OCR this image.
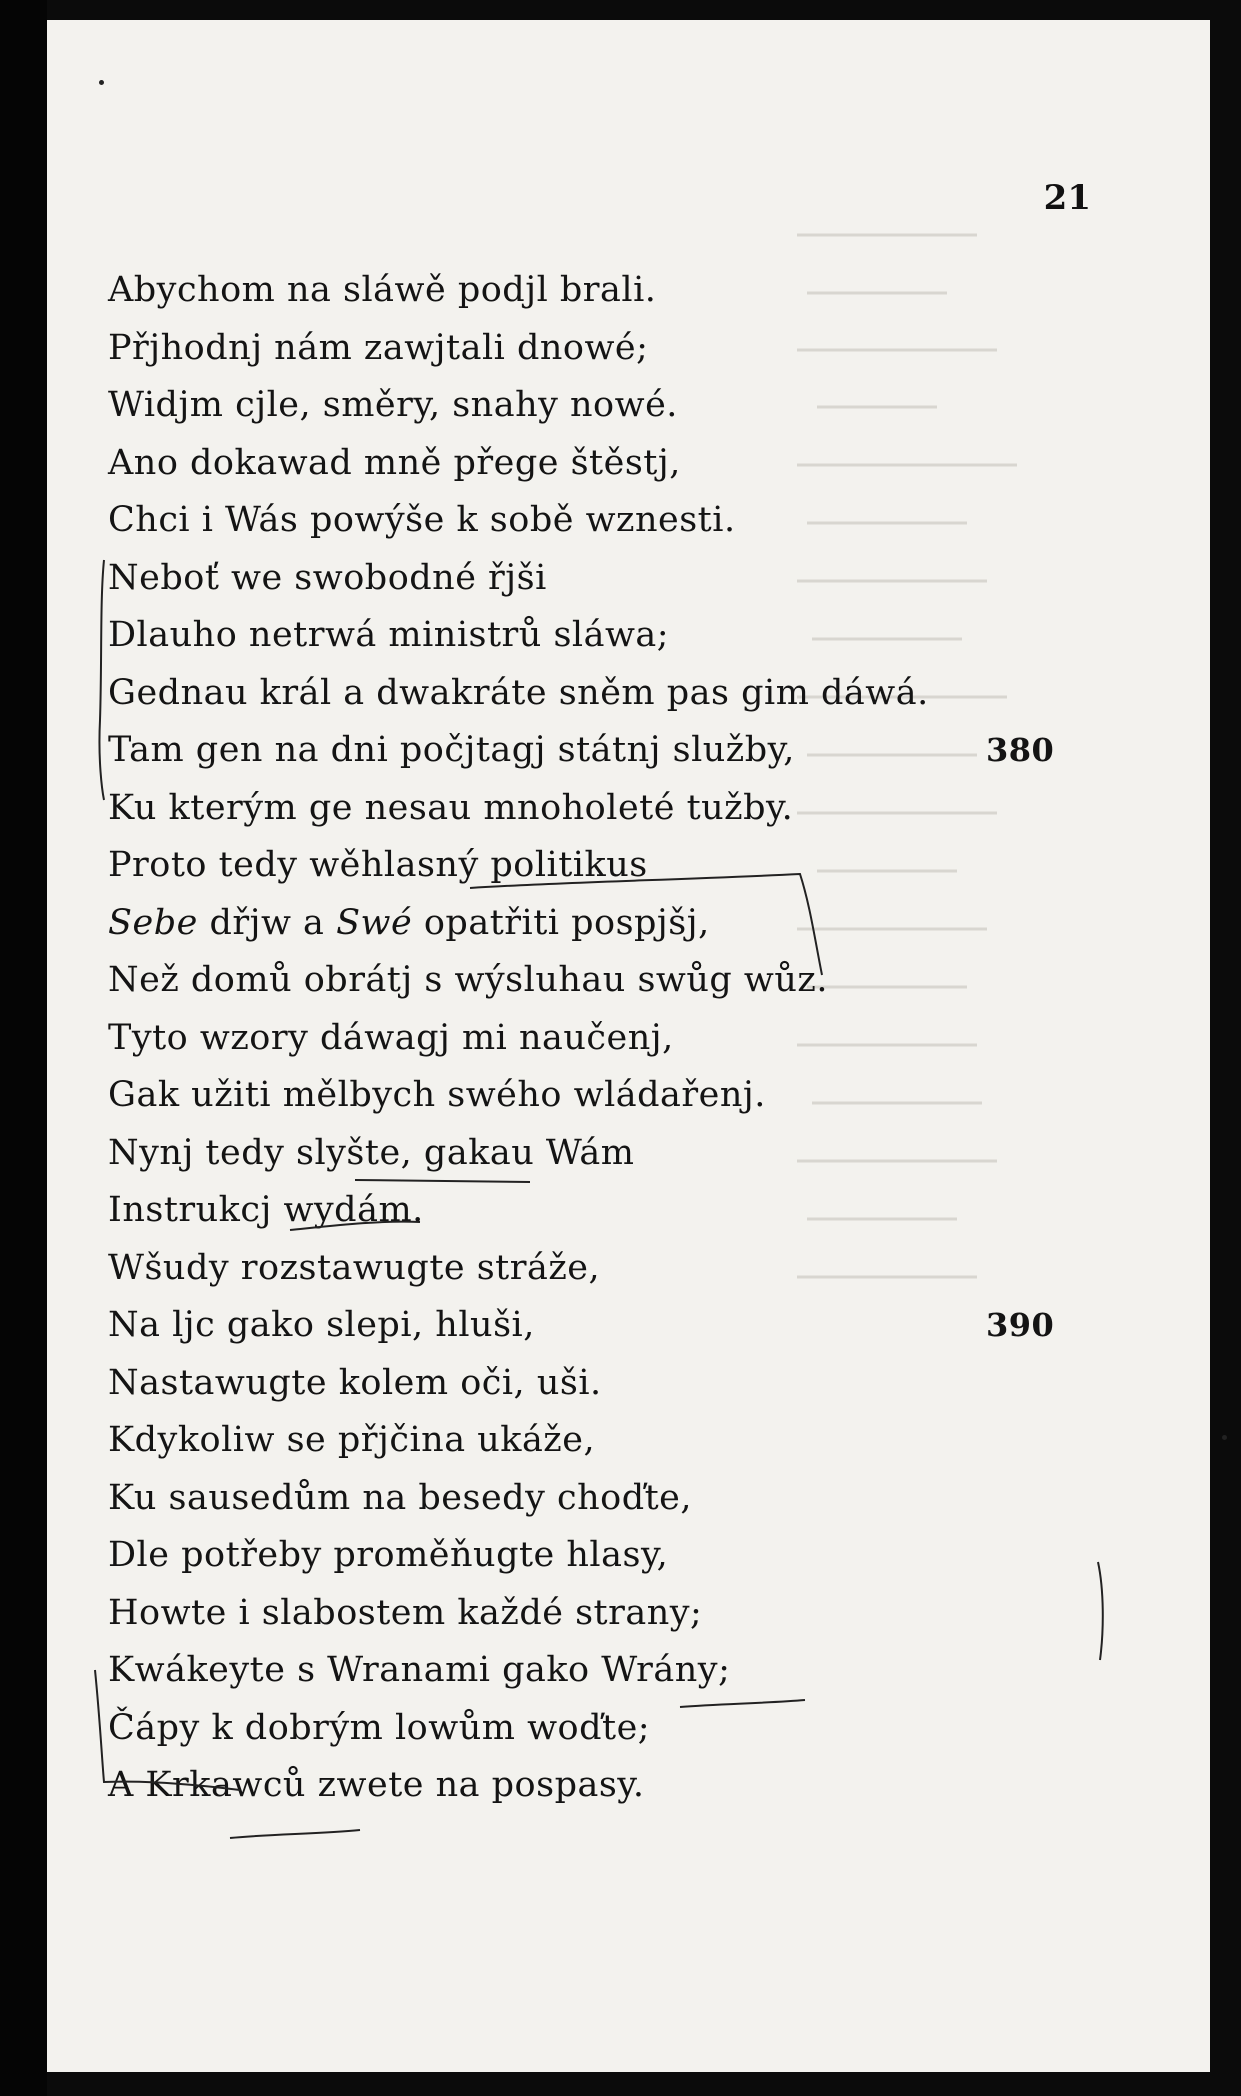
21
Abychom na sláwě podjl brali.
Přjhodnj nám zawjtali dnowé;
Widjm cjle, směry, snahy nowé.
Ano dokawad mně přege štěstj,
Chci i Wás powýše k sobě wznesti.
Neboť we swobodné řjši
Dlauho netrwá ministrů sláwa;
Gednau král a dwakráte sněm pas gim dáwá.
Tam gen na dni počjtagj státnj služby,	380
Ku kterým ge nesau mnoholeté tužby.
Proto tedy wěhlasný politikus
Sebe dřjw a Swé opatřiti pospjšj,
Než domů obrátj s wýsluhau swůg wůz.
Tyto wzory dáwagj mi naučenj,
Gak užiti mělbych swého wládařenj.
Nynj tedy slyšte, gakau Wám
Instrukcj wydám.
Wšudy rozstawugte stráže,
Na ljc gako slepi, hluši,	390
Nastawugte kolem oči, uši.
Kdykoliw se přjčina ukáže,
Ku sausedům na besedy choďte,
Dle potřeby proměňugte hlasy,
Howte i slabostem každé strany;
Kwákeyte s Wranami gako Wrány;
Čápy k dobrým lowům woďte;
A Krkawců zwete na pospasy.
